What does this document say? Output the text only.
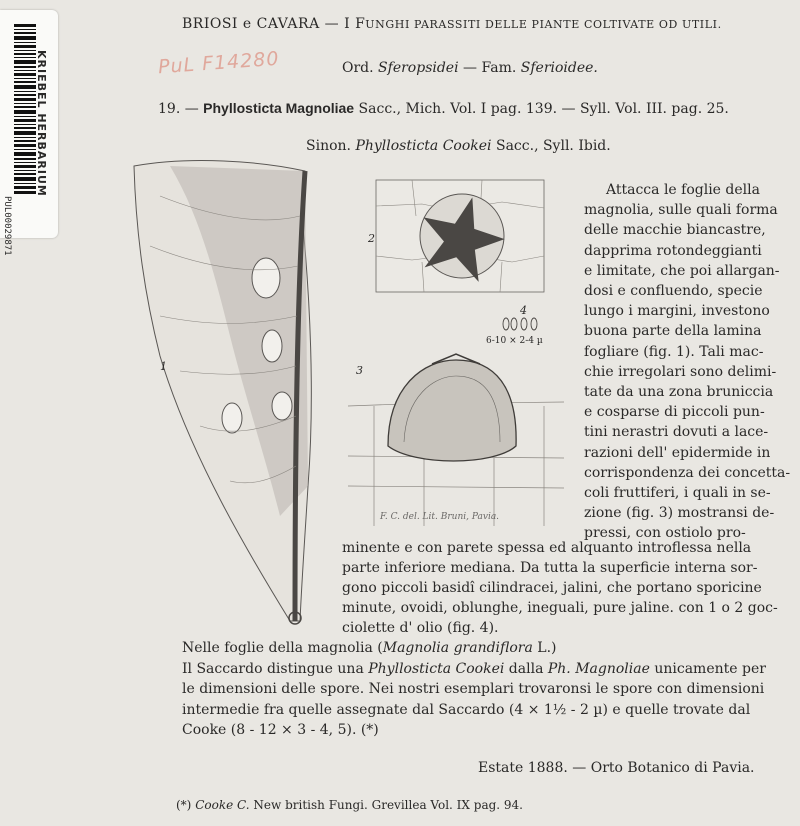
PUL00029871
KRIEBEL HERBARIUM
BRIOSI e CAVARA — I FUNGHI PARASSITI DELLE PIANTE COLTIVATE OD UTILI.
PuL F14280	Ord. Sferopsidei — Fam. Sferioidee.
19. — Phyllosticta Magnoliae Sacc., Mich. Vol. I pag. 139. — Syll. Vol. III. pag. 25.
Sinon. Phyllosticta Cookei Sacc., Syll. Ibid.
1
2
4
6-10 × 2-4 µ
3
F. C. del. Lit. Bruni, Pavia.
Attacca le foglie della
magnolia, sulle quali forma
delle macchie biancastre,
dapprima rotondeggianti
e limitate, che poi allargan-
dosi e confluendo, specie
lungo i margini, investono
buona parte della lamina
fogliare (fig. 1). Tali mac-
chie irregolari sono delimi-
tate da una zona bruniccia
e cosparse di piccoli pun-
tini nerastri dovuti a lace-
razioni dell' epidermide in
corrispondenza dei concetta-
coli fruttiferi, i quali in se-
zione (fig. 3) mostransi de-
pressi, con ostiolo pro-
minente e con parete spessa ed alquanto introflessa nella
parte inferiore mediana. Da tutta la superficie interna sor-
gono piccoli basidî cilindracei, jalini, che portano sporicine
minute, ovoidi, oblunghe, ineguali, pure jaline. con 1 o 2 goc-
ciolette d' olio (fig. 4).
Nelle foglie della magnolia (Magnolia grandiflora L.)
Il Saccardo distingue una Phyllosticta Cookei dalla Ph. Magnoliae unicamente per
le dimensioni delle spore. Nei nostri esemplari trovaronsi le spore con dimensioni
intermedie fra quelle assegnate dal Saccardo (4 × 1½ - 2 µ) e quelle trovate dal
Cooke (8 - 12 × 3 - 4, 5). (*)
Estate 1888. — Orto Botanico di Pavia.
(*) Cooke C. New british Fungi. Grevillea Vol. IX pag. 94.
